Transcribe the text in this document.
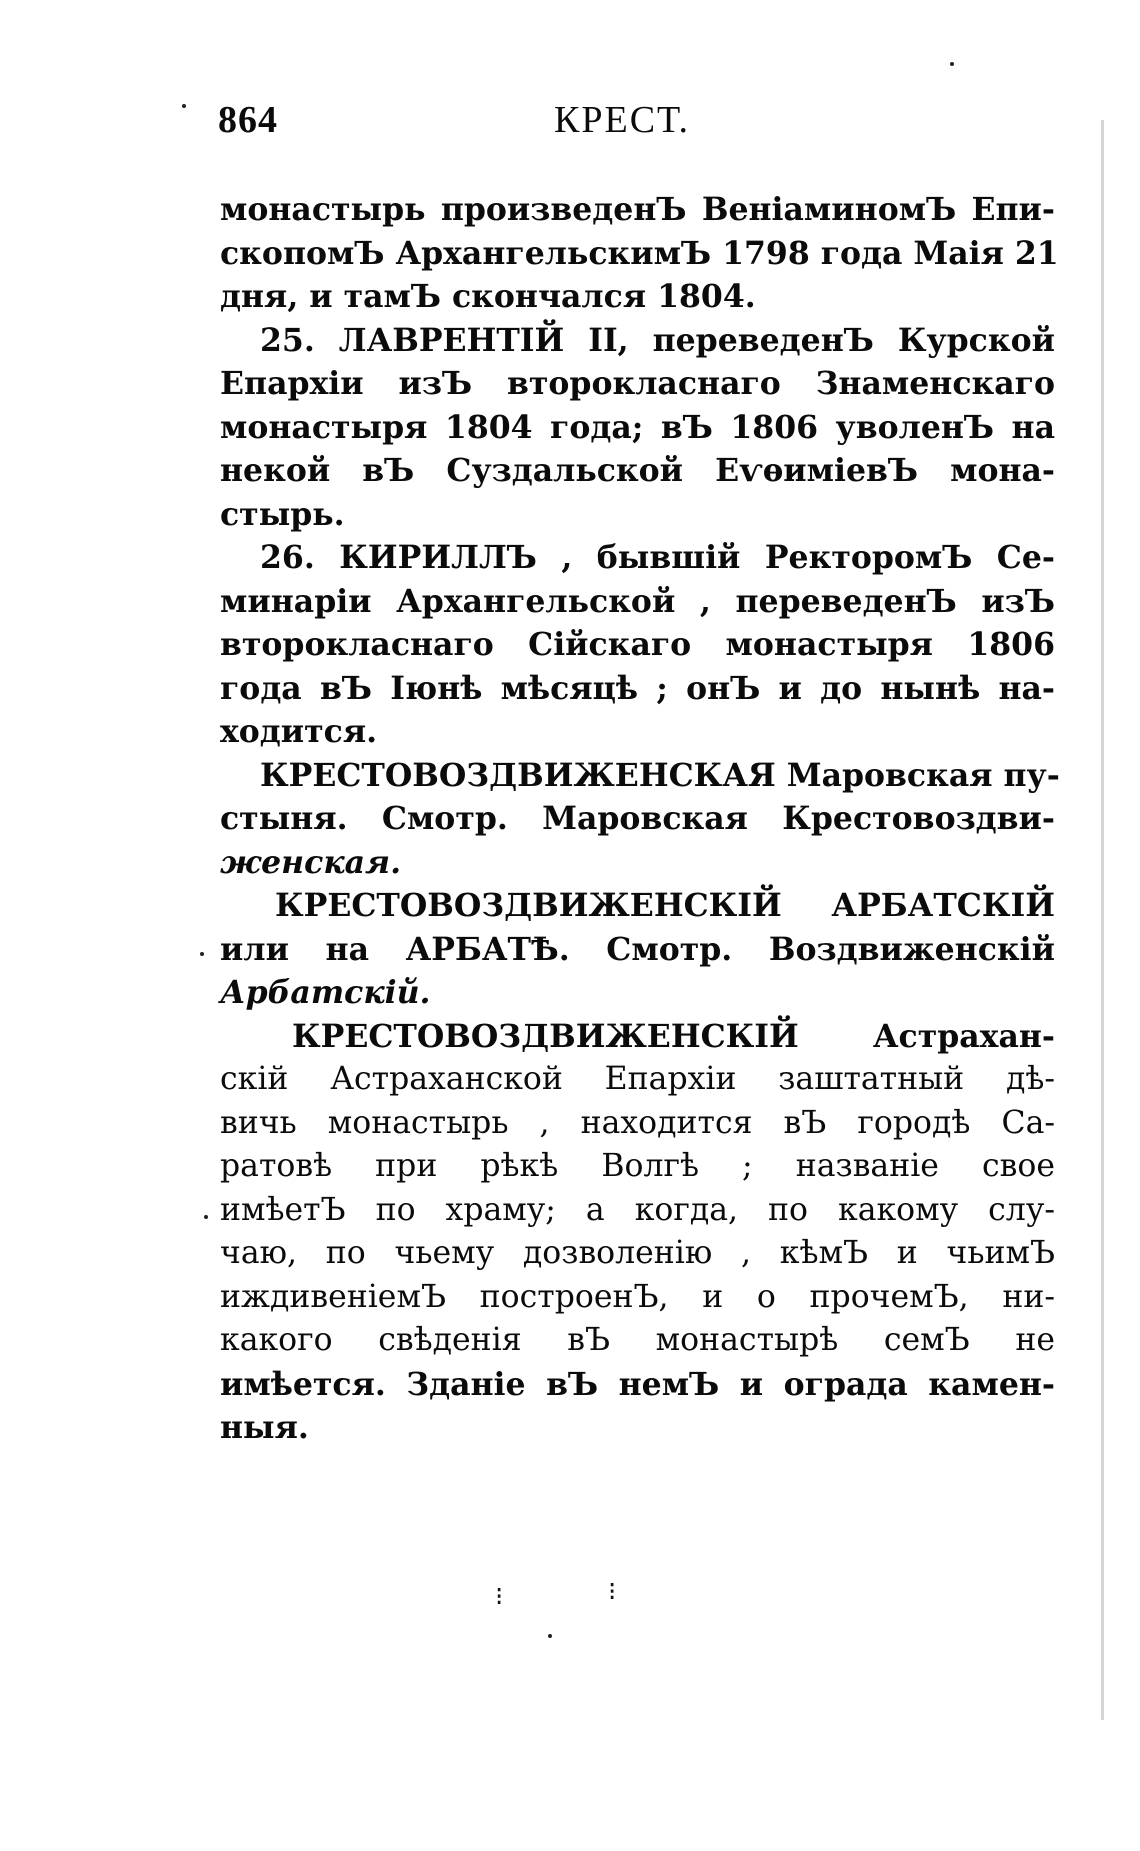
864	КРЕСТ.
монастырь произведенЪ ВеніаминомЪ Епи-
скопомЪ АрхангельскимЪ 1798 года Маія 21
дня, и тамЪ скончался 1804.
25. ЛАВРЕНТІЙ II, переведенЪ Курской
Епархіи изЪ второклаcнаго Знаменскаго
монастыря 1804 года; вЪ 1806 уволенЪ на
некой вЪ Суздальской ЕѵѳиміевЪ мона-
стырь.
26. КИРИЛЛЪ , бывшій РекторомЪ Се-
минаріи Архангельской , переведенЪ изЪ
второклаcнаго Сійскаго монастыря 1806
года вЪ Іюнѣ мѣсяцѣ ; онЪ и до нынѣ на-
ходится.
КРЕСТОВОЗДВИЖЕНСКАЯ Маровская пу-
стыня. Смотр. Маровская Крестовоздви-
женская.
КРЕСТОВОЗДВИЖЕНСКІЙ АРБАТСКІЙ
или на АРБАТѢ. Смотр. Воздвиженскій
Арбатскій.
КРЕСТОВОЗДВИЖЕНСКІЙ Астрахан-
скій Астраханской Епархіи заштатный дѣ-
вичь монастырь , находится вЪ городѣ Са-
ратовѣ при рѣкѣ Волгѣ ; названіе свое
имѣетЪ по храму; а когда, по какому слу-
чаю, по чьему дозволенію , кѣмЪ и чьимЪ
иждивеніемЪ построенЪ, и о прочемЪ, ни-
какого свѣденія вЪ монастырѣ семЪ не
имѣется. Зданіе вЪ немЪ и ограда камен-
ныя.
⁝	⁝
